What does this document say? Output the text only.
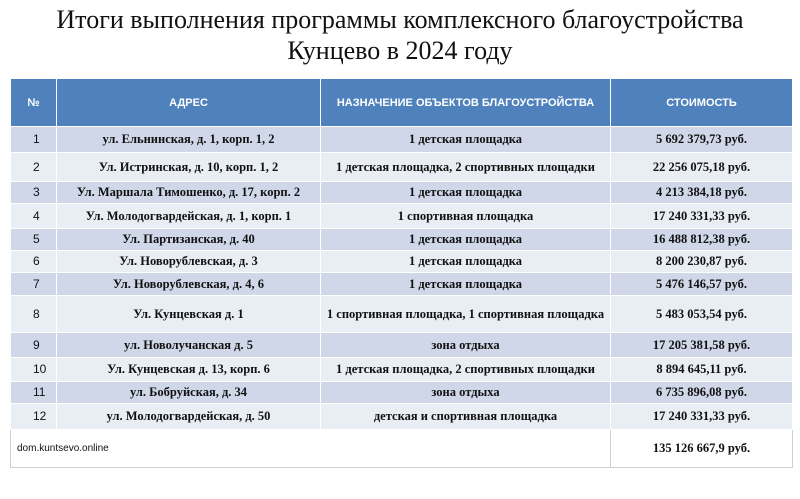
Итоги выполнения программы комплексного благоустройства
Кунцево в 2024 году
№	АДРЕС	НАЗНАЧЕНИЕ ОБЪЕКТОВ БЛАГОУСТРОЙСТВА	СТОИМОСТЬ
1	ул. Ельнинская, д. 1, корп. 1, 2	1 детская площадка	5 692 379,73 руб.
2	Ул. Истринская, д. 10, корп. 1, 2	1 детская площадка, 2 спортивных площадки	22 256 075,18 руб.
3	Ул. Маршала Тимошенко, д. 17, корп. 2	1 детская площадка	4 213 384,18 руб.
4	Ул. Молодогвардейская, д. 1, корп. 1	1 спортивная площадка	17 240 331,33 руб.
5	Ул. Партизанская, д. 40	1 детская площадка	16 488 812,38 руб.
6	Ул. Новорублевская, д. 3	1 детская площадка	8 200 230,87 руб.
7	Ул. Новорублевская, д. 4, 6	1 детская площадка	5 476 146,57 руб.
8	Ул. Кунцевская д. 1	1 спортивная площадка, 1 спортивная площадка	5 483 053,54 руб.
9	ул. Новолучанская д. 5	зона отдыха	17 205 381,58 руб.
10	Ул. Кунцевская д. 13, корп. 6	1 детская площадка, 2 спортивных площадки	8 894 645,11 руб.
11	ул. Бобруйская, д. 34	зона отдыха	6 735 896,08 руб.
12	ул. Молодогвардейская, д. 50	детская и спортивная площадка	17 240 331,33 руб.
dom.kuntsevo.online			135 126 667,9 руб.
